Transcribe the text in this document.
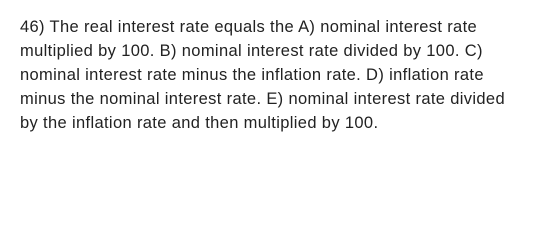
46) The real interest rate equals the A) nominal interest rate
multiplied by 100. B) nominal interest rate divided by 100. C)
nominal interest rate minus the inflation rate. D) inflation rate
minus the nominal interest rate. E) nominal interest rate divided
by the inflation rate and then multiplied by 100.
